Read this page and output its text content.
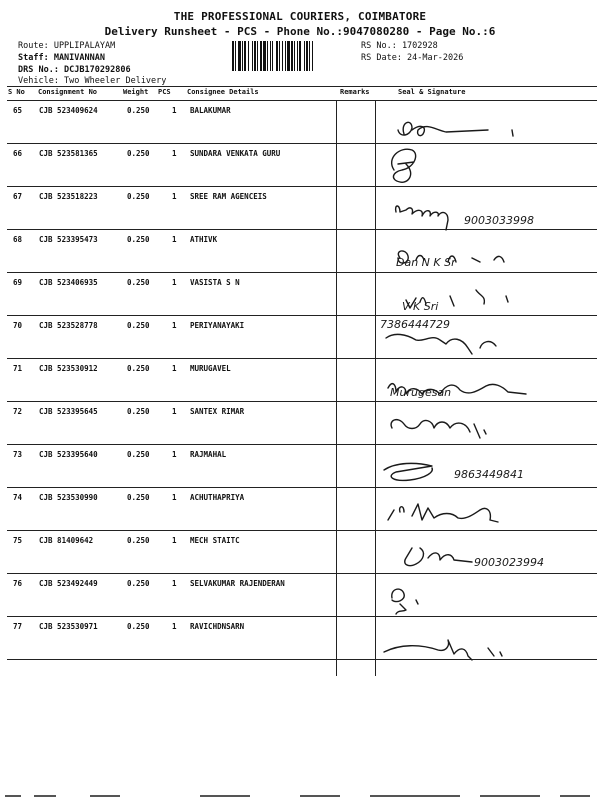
THE PROFESSIONAL COURIERS, COIMBATORE
Delivery Runsheet - PCS - Phone No.:9047080280 - Page No.:6
Route: UPPLIPALAYAM
Staff: MANIVANNAN
DRS No.: DCJB170292806
Vehicle: Two Wheeler Delivery
RS No.: 1702928
RS Date: 24-Mar-2026
S No Consignment No	Weight PCS Consignee Details	Remarks	Seal & Signature
65 CJB 523409624	0.250	1 BALAKUMAR
66 CJB 523581365	0.250	1 SUNDARA VENKATA GURU
67 CJB 523518223	0.250	1 SREE RAM AGENCEIS
68 CJB 523395473	0.250	1 ATHIVK
69 CJB 523406935	0.250	1 VASISTA S N
70 CJB 523528778	0.250	1 PERIYANAYAKI
71 CJB 523530912	0.250	1 MURUGAVEL
72 CJB 523395645	0.250	1 SANTEX RIMAR
73 CJB 523395640	0.250	1 RAJMAHAL
74 CJB 523530990	0.250	1 ACHUTHAPRIYA
75 CJB 81409642	0.250	1 MECH STAITC
76 CJB 523492449	0.250	1 SELVAKUMAR RAJENDERAN
77 CJB 523530971	0.250	1 RAVICHDNSARN
9003033998
Dan N K Sr
V K Sri
7386444729
Murugesan
9863449841
9003023994
